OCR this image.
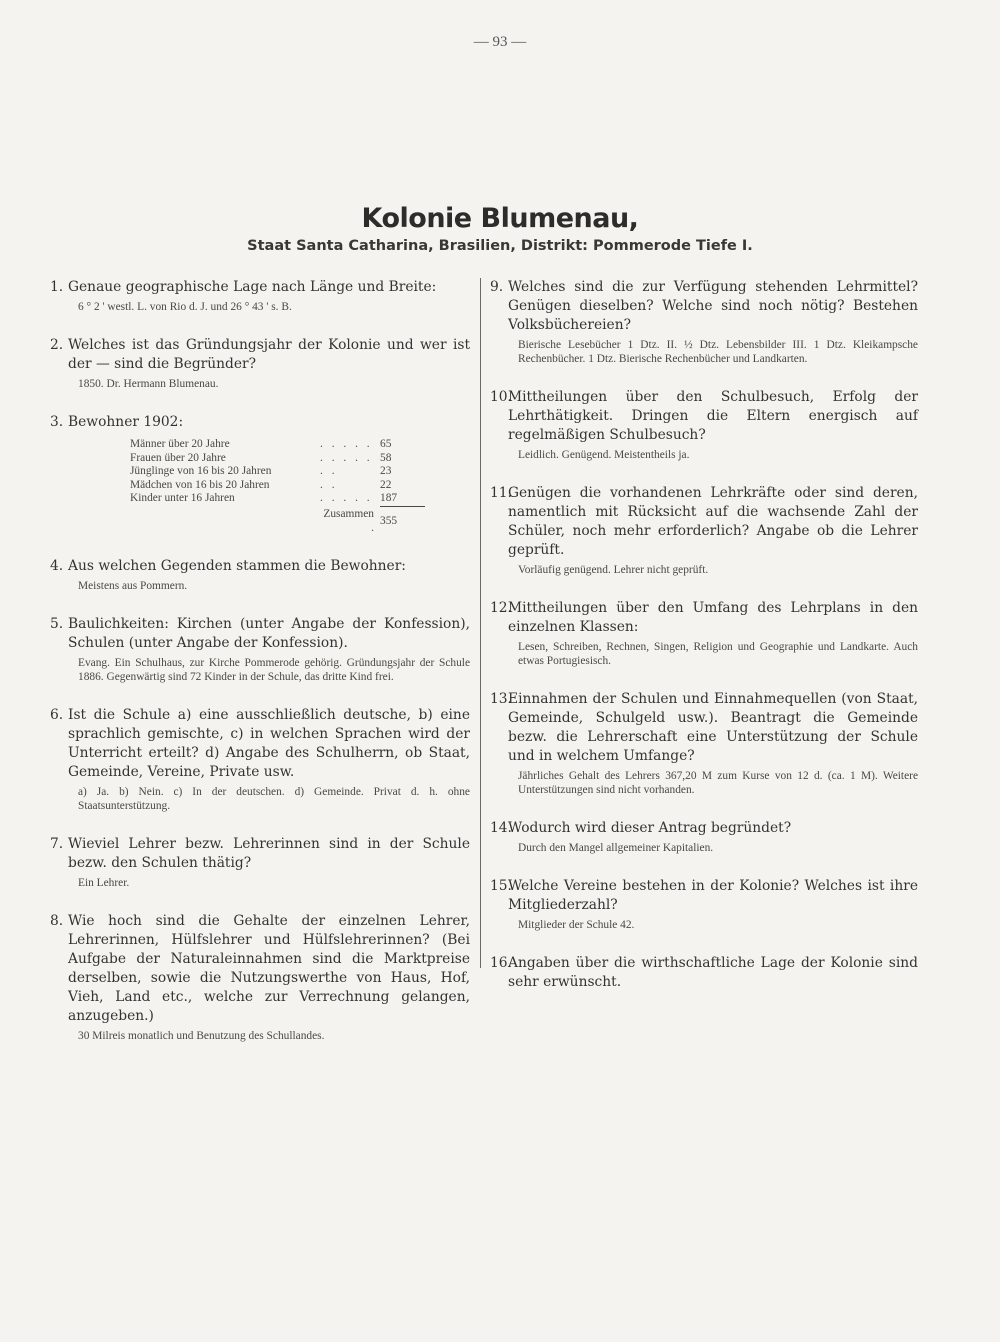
— 93 —
Kolonie Blumenau,
Staat Santa Catharina, Brasilien, Distrikt: Pommerode Tiefe I.

1. Genaue geographische Lage nach Länge und Breite:

6 ° 2 ' westl. L. von Rio d. J. und 26 ° 43 ' s. B.

2. Welches ist das Gründungsjahr der Kolonie und wer ist der — sind die Begründer?

1850. Dr. Hermann Blumenau.

3. Bewohner 1902:

Männer über 20 Jahre	. . . . .	65
Frauen über 20 Jahre	. . . . .	58
Jünglinge von 16 bis 20 Jahren	. .	23
Mädchen von 16 bis 20 Jahren	. .	22
Kinder unter 16 Jahren	. . . . .	187
	Zusammen .	355

4. Aus welchen Gegenden stammen die Bewohner:

Meistens aus Pommern.

5. Baulichkeiten: Kirchen (unter Angabe der Konfession), Schulen (unter Angabe der Konfession).

Evang. Ein Schulhaus, zur Kirche Pommerode gehörig. Gründungsjahr der Schule 1886. Gegenwärtig sind 72 Kinder in der Schule, das dritte Kind frei.

6. Ist die Schule a) eine ausschließlich deutsche, b) eine sprachlich gemischte, c) in welchen Sprachen wird der Unterricht erteilt? d) Angabe des Schulherrn, ob Staat, Gemeinde, Vereine, Private usw.

a) Ja. b) Nein. c) In der deutschen. d) Gemeinde. Privat d. h. ohne Staatsunterstützung.

7. Wieviel Lehrer bezw. Lehrerinnen sind in der Schule bezw. den Schulen thätig?

Ein Lehrer.

8. Wie hoch sind die Gehalte der einzelnen Lehrer, Lehrerinnen, Hülfslehrer und Hülfslehrerinnen? (Bei Aufgabe der Naturaleinnahmen sind die Marktpreise derselben, sowie die Nutzungswerthe von Haus, Hof, Vieh, Land etc., welche zur Verrechnung gelangen, anzugeben.)

30 Milreis monatlich und Benutzung des Schullandes.

9. Welches sind die zur Verfügung stehenden Lehrmittel? Genügen dieselben? Welche sind noch nötig? Bestehen Volksbüchereien?

Bierische Lesebücher 1 Dtz. II. ½ Dtz. Lebensbilder III. 1 Dtz. Kleikampsche Rechenbücher. 1 Dtz. Bierische Rechenbücher und Landkarten.

10.Mittheilungen über den Schulbesuch, Erfolg der Lehrthätigkeit. Dringen die Eltern energisch auf regelmäßigen Schulbesuch?

Leidlich. Genügend. Meistentheils ja.

11.Genügen die vorhandenen Lehrkräfte oder sind deren, namentlich mit Rücksicht auf die wachsende Zahl der Schüler, noch mehr erforderlich? Angabe ob die Lehrer geprüft.

Vorläufig genügend. Lehrer nicht geprüft.

12.Mittheilungen über den Umfang des Lehrplans in den einzelnen Klassen:

Lesen, Schreiben, Rechnen, Singen, Religion und Geographie und Landkarte. Auch etwas Portugiesisch.

13.Einnahmen der Schulen und Einnahmequellen (von Staat, Gemeinde, Schulgeld usw.). Beantragt die Gemeinde bezw. die Lehrerschaft eine Unterstützung der Schule und in welchem Umfange?

Jährliches Gehalt des Lehrers 367,20 M zum Kurse von 12 d. (ca. 1 M). Weitere Unterstützungen sind nicht vorhanden.

14.Wodurch wird dieser Antrag begründet?

Durch den Mangel allgemeiner Kapitalien.

15.Welche Vereine bestehen in der Kolonie? Welches ist ihre Mitgliederzahl?

Mitglieder der Schule 42.

16.Angaben über die wirthschaftliche Lage der Kolonie sind sehr erwünscht.
